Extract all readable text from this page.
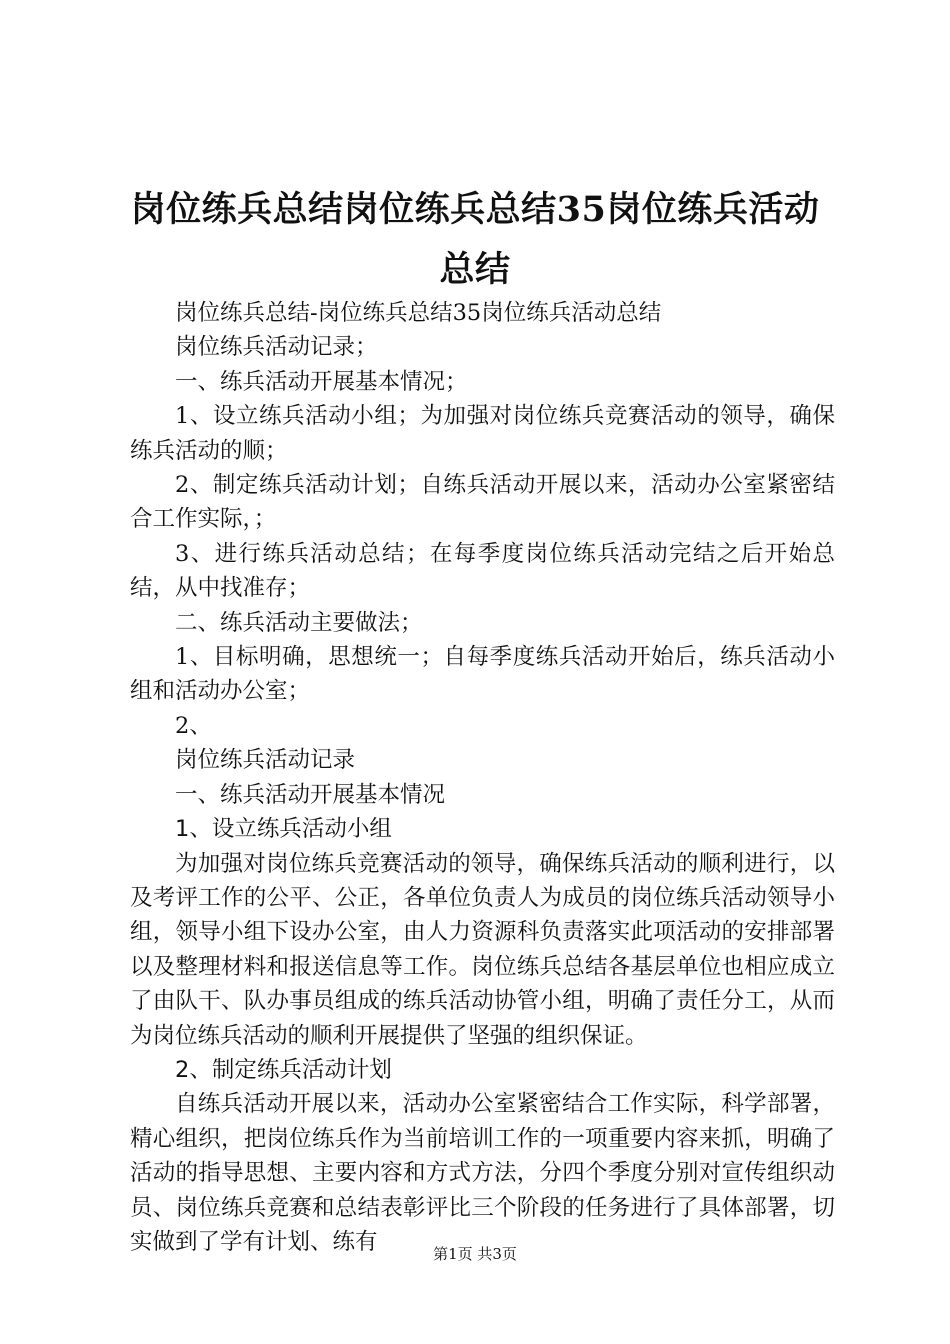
岗位练兵总结岗位练兵总结35岗位练兵活动
总结

岗位练兵总结-岗位练兵总结35岗位练兵活动总结

岗位练兵活动记录；

一、练兵活动开展基本情况；

1、设立练兵活动小组；为加强对岗位练兵竞赛活动的领导，确保练兵活动的顺；

2、制定练兵活动计划；自练兵活动开展以来，活动办公室紧密结合工作实际，；

3、进行练兵活动总结；在每季度岗位练兵活动完结之后开始总结，从中找准存；

二、练兵活动主要做法；

1、目标明确，思想统一；自每季度练兵活动开始后，练兵活动小组和活动办公室；

2、

岗位练兵活动记录

一、练兵活动开展基本情况

1、设立练兵活动小组

为加强对岗位练兵竞赛活动的领导，确保练兵活动的顺利进行，以及考评工作的公平、公正，各单位负责人为成员的岗位练兵活动领导小组，领导小组下设办公室，由人力资源科负责落实此项活动的安排部署以及整理材料和报送信息等工作。岗位练兵总结各基层单位也相应成立了由队干、队办事员组成的练兵活动协管小组，明确了责任分工，从而为岗位练兵活动的顺利开展提供了坚强的组织保证。

2、制定练兵活动计划

自练兵活动开展以来，活动办公室紧密结合工作实际，科学部署，精心组织，把岗位练兵作为当前培训工作的一项重要内容来抓，明确了活动的指导思想、主要内容和方式方法，分四个季度分别对宣传组织动员、岗位练兵竞赛和总结表彰评比三个阶段的任务进行了具体部署，切实做到了学有计划、练有	第1页 共3页
